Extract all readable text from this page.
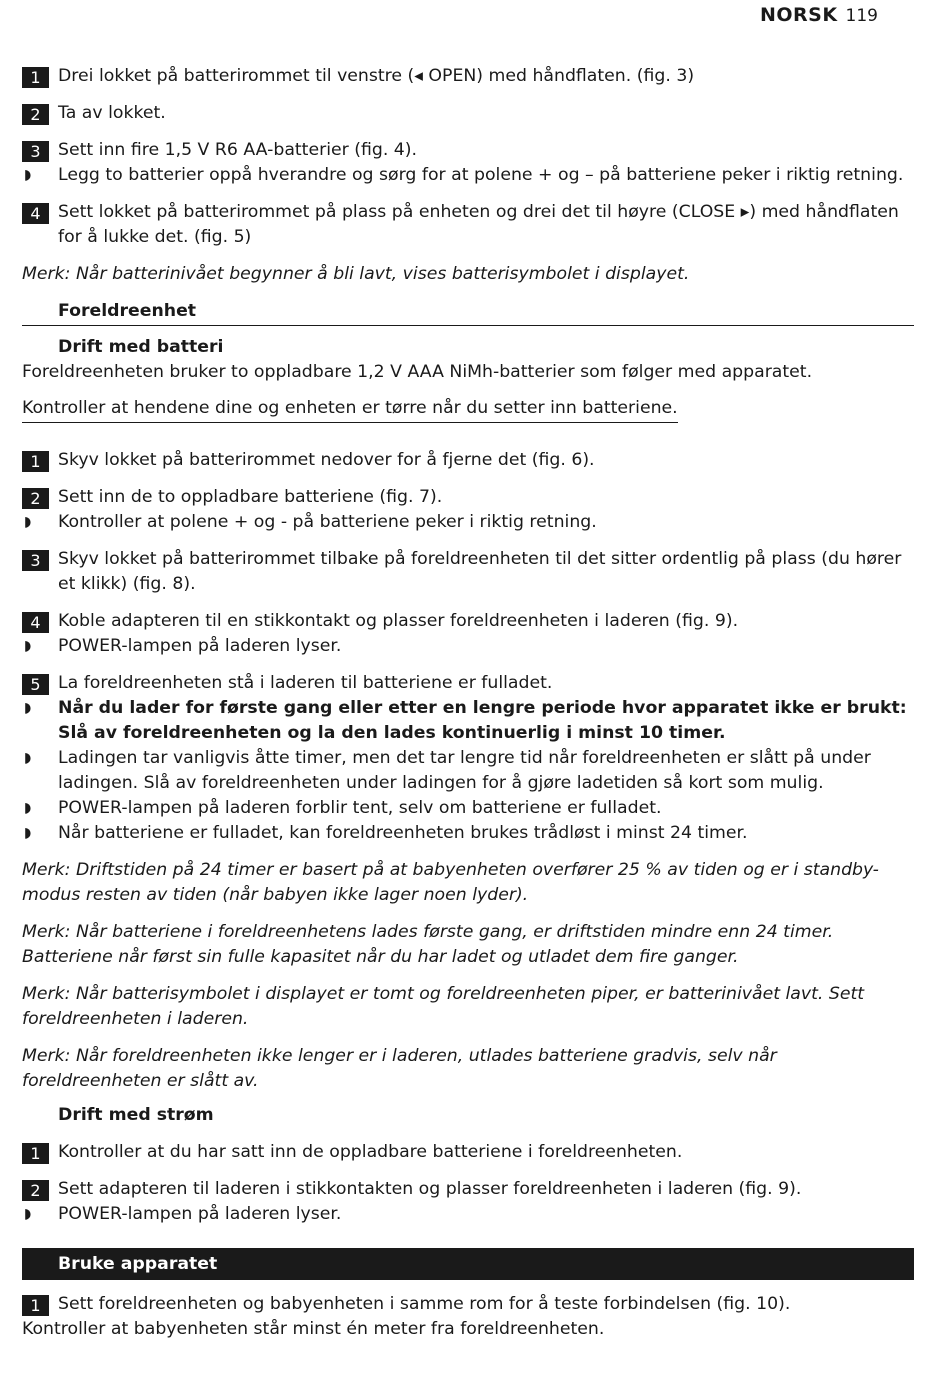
NORSK 119
1	Drei lokket på batterirommet til venstre (◂ OPEN) med håndflaten. (fig. 3)
2	Ta av lokket.
3	Sett inn fire 1,5 V R6 AA-batterier (fig. 4).
◗ Legg to batterier oppå hverandre og sørg for at polene + og – på batteriene peker i riktig retning.
4	Sett lokket på batterirommet på plass på enheten og drei det til høyre (CLOSE ▸) med håndflaten for å lukke det. (fig. 5)
Merk: Når batterinivået begynner å bli lavt, vises batterisymbolet i displayet.
Foreldreenhet
Drift med batteri
Foreldreenheten bruker to oppladbare 1,2 V AAA NiMh-batterier som følger med apparatet.
Kontroller at hendene dine og enheten er tørre når du setter inn batteriene.
1	Skyv lokket på batterirommet nedover for å fjerne det (fig. 6).
2	Sett inn de to oppladbare batteriene (fig. 7).
◗ Kontroller at polene + og - på batteriene peker i riktig retning.
3	Skyv lokket på batterirommet tilbake på foreldreenheten til det sitter ordentlig på plass (du hører et klikk) (fig. 8).
4	Koble adapteren til en stikkontakt og plasser foreldreenheten i laderen (fig. 9).
◗ POWER-lampen på laderen lyser.
5	La foreldreenheten stå i laderen til batteriene er fulladet.
◗ Når du lader for første gang eller etter en lengre periode hvor apparatet ikke er brukt: Slå av foreldreenheten og la den lades kontinuerlig i minst 10 timer.
◗ Ladingen tar vanligvis åtte timer, men det tar lengre tid når foreldreenheten er slått på under ladingen. Slå av foreldreenheten under ladingen for å gjøre ladetiden så kort som mulig.
◗ POWER-lampen på laderen forblir tent, selv om batteriene er fulladet.
◗ Når batteriene er fulladet, kan foreldreenheten brukes trådløst i minst 24 timer.
Merk: Driftstiden på 24 timer er basert på at babyenheten overfører 25 % av tiden og er i standby-modus resten av tiden (når babyen ikke lager noen lyder).
Merk: Når batteriene i foreldreenhetens lades første gang, er driftstiden mindre enn 24 timer. Batteriene når først sin fulle kapasitet når du har ladet og utladet dem fire ganger.
Merk: Når batterisymbolet i displayet er tomt og foreldreenheten piper, er batterinivået lavt. Sett foreldreenheten i laderen.
Merk: Når foreldreenheten ikke lenger er i laderen, utlades batteriene gradvis, selv når foreldreenheten er slått av.
Drift med strøm
1	Kontroller at du har satt inn de oppladbare batteriene i foreldreenheten.
2	Sett adapteren til laderen i stikkontakten og plasser foreldreenheten i laderen (fig. 9).
◗ POWER-lampen på laderen lyser.
Bruke apparatet
1	Sett foreldreenheten og babyenheten i samme rom for å teste forbindelsen (fig. 10).
Kontroller at babyenheten står minst én meter fra foreldreenheten.
